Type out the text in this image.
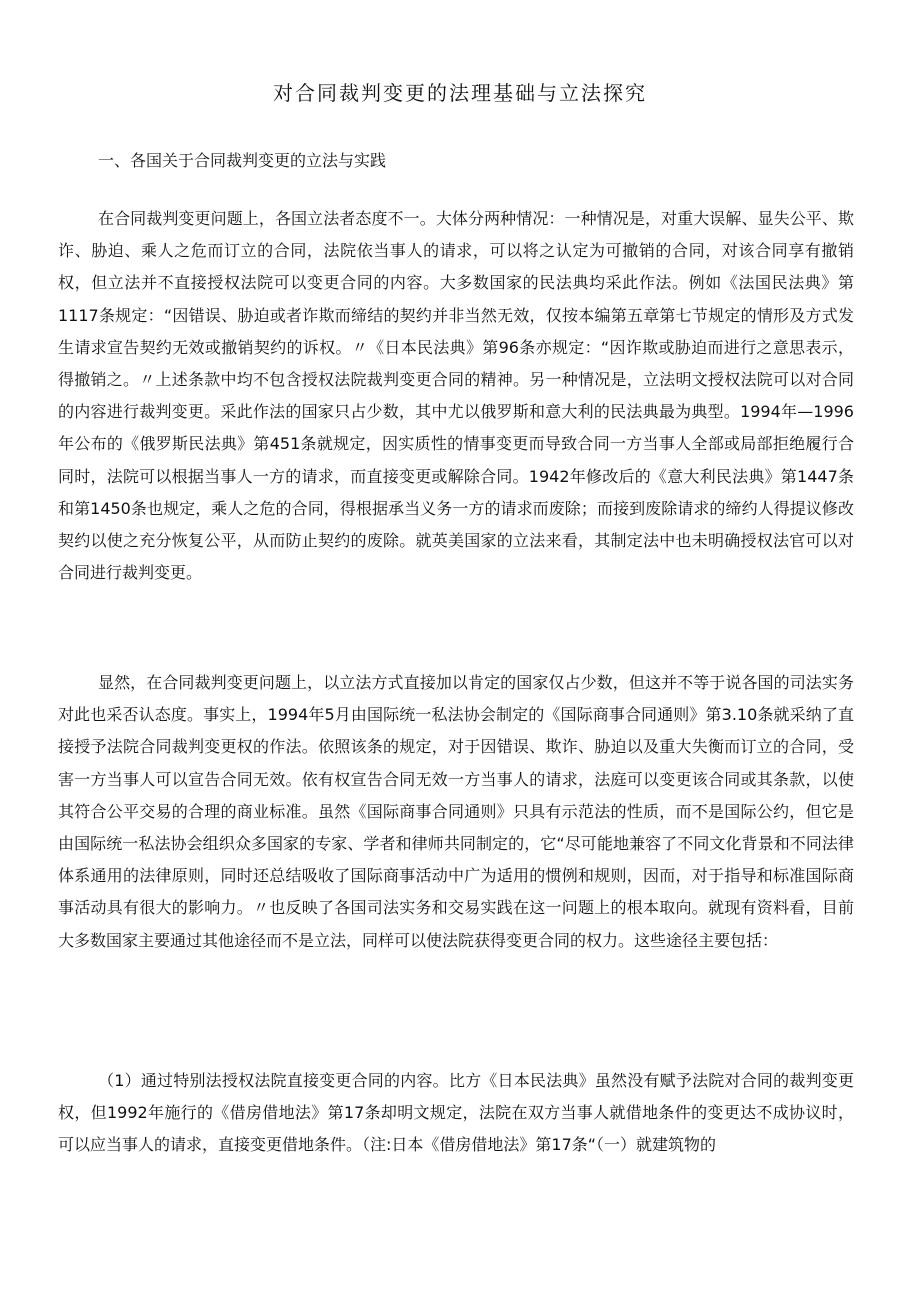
对合同裁判变更的法理基础与立法探究
一、各国关于合同裁判变更的立法与实践

在合同裁判变更问题上，各国立法者态度不一。大体分两种情况：一种情况是，对重大误解、显失公平、欺诈、胁迫、乘人之危而订立的合同，法院依当事人的请求，可以将之认定为可撤销的合同，对该合同享有撤销权，但立法并不直接授权法院可以变更合同的内容。大多数国家的民法典均采此作法。例如《法国民法典》第1117条规定：“因错误、胁迫或者诈欺而缔结的契约并非当然无效，仅按本编第五章第七节规定的情形及方式发生请求宣告契约无效或撤销契约的诉权。〃《日本民法典》第96条亦规定：“因诈欺或胁迫而进行之意思表示，得撤销之。〃上述条款中均不包含授权法院裁判变更合同的精神。另一种情况是，立法明文授权法院可以对合同的内容进行裁判变更。采此作法的国家只占少数，其中尤以俄罗斯和意大利的民法典最为典型。1994年—1996年公布的《俄罗斯民法典》第451条就规定，因实质性的情事变更而导致合同一方当事人全部或局部拒绝履行合同时，法院可以根据当事人一方的请求，而直接变更或解除合同。1942年修改后的《意大利民法典》第1447条和第1450条也规定，乘人之危的合同，得根据承当义务一方的请求而废除；而接到废除请求的缔约人得提议修改契约以使之充分恢复公平，从而防止契约的废除。就英美国家的立法来看，其制定法中也未明确授权法官可以对合同进行裁判变更。

显然，在合同裁判变更问题上，以立法方式直接加以肯定的国家仅占少数，但这并不等于说各国的司法实务对此也采否认态度。事实上，1994年5月由国际统一私法协会制定的《国际商事合同通则》第3.10条就采纳了直接授予法院合同裁判变更权的作法。依照该条的规定，对于因错误、欺诈、胁迫以及重大失衡而订立的合同，受害一方当事人可以宣告合同无效。依有权宣告合同无效一方当事人的请求，法庭可以变更该合同或其条款，以使其符合公平交易的合理的商业标准。虽然《国际商事合同通则》只具有示范法的性质，而不是国际公约，但它是由国际统一私法协会组织众多国家的专家、学者和律师共同制定的，它“尽可能地兼容了不同文化背景和不同法律体系通用的法律原则，同时还总结吸收了国际商事活动中广为适用的惯例和规则，因而，对于指导和标准国际商事活动具有很大的影响力。〃也反映了各国司法实务和交易实践在这一问题上的根本取向。就现有资料看，目前大多数国家主要通过其他途径而不是立法，同样可以使法院获得变更合同的权力。这些途径主要包括：

（1）通过特别法授权法院直接变更合同的内容。比方《日本民法典》虽然没有赋予法院对合同的裁判变更权，但1992年施行的《借房借地法》第17条却明文规定，法院在双方当事人就借地条件的变更达不成协议时，可以应当事人的请求，直接变更借地条件。（注:日本《借房借地法》第17条“（一）就建筑物的
